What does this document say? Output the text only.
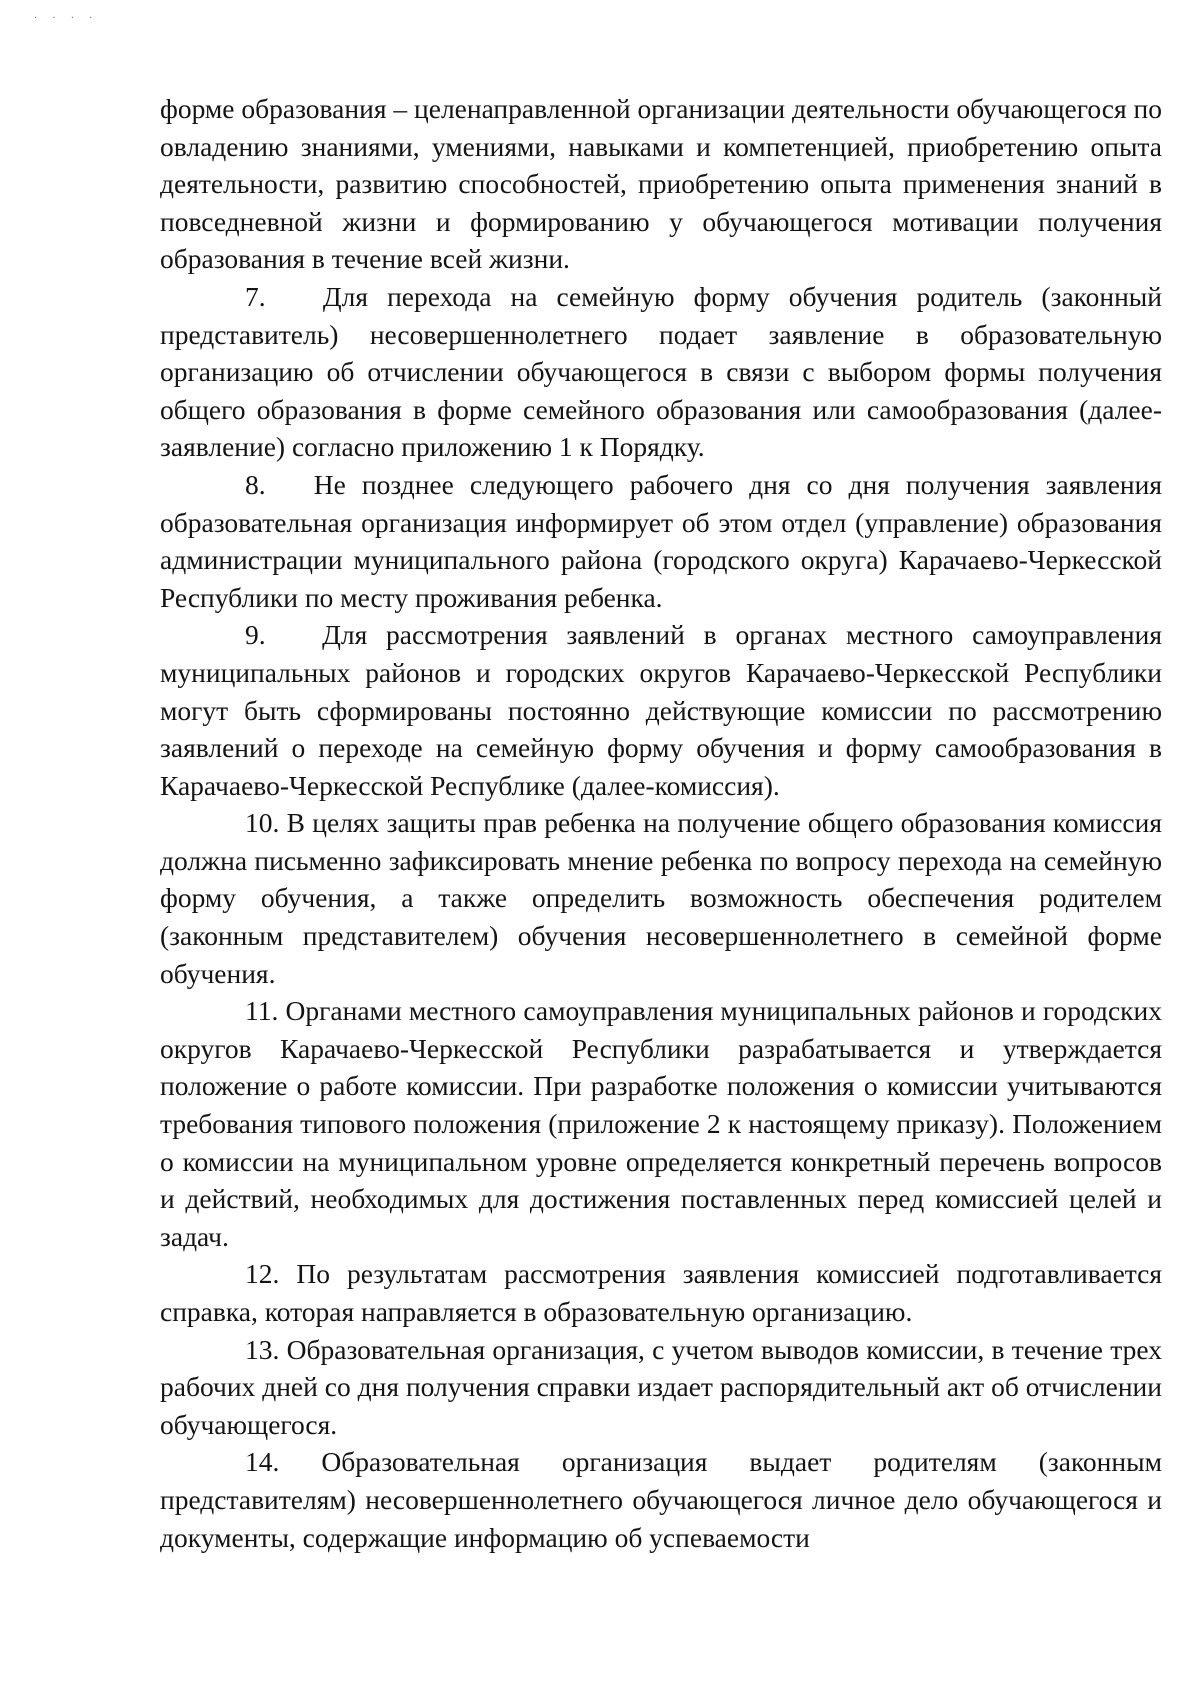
. . . .

форме образования – целенаправленной организации деятельности обучающегося по овладению знаниями, умениями, навыками и компетенцией, приобретению опыта деятельности, развитию способностей, приобретению опыта применения знаний в повседневной жизни и формированию у обучающегося мотивации получения образования в течение всей жизни.

7. Для перехода на семейную форму обучения родитель (законный представитель) несовершеннолетнего подает заявление в образовательную организацию об отчислении обучающегося в связи с выбором формы получения общего образования в форме семейного образования или самообразования (далее- заявление) согласно приложению 1 к Порядку.

8. Не позднее следующего рабочего дня со дня получения заявления образовательная организация информирует об этом отдел (управление) образования администрации муниципального района (городского округа) Карачаево-Черкесской Республики по месту проживания ребенка.

9. Для рассмотрения заявлений в органах местного самоуправления муниципальных районов и городских округов Карачаево-Черкесской Республики могут быть сформированы постоянно действующие комиссии по рассмотрению заявлений о переходе на семейную форму обучения и форму самообразования в Карачаево-Черкесской Республике (далее-комиссия).

10. В целях защиты прав ребенка на получение общего образования комиссия должна письменно зафиксировать мнение ребенка по вопросу перехода на семейную форму обучения, а также определить возможность обеспечения родителем (законным представителем) обучения несовершеннолетнего в семейной форме обучения.

11. Органами местного самоуправления муниципальных районов и городских округов Карачаево-Черкесской Республики разрабатывается и утверждается положение о работе комиссии. При разработке положения о комиссии учитываются требования типового положения (приложение 2 к настоящему приказу). Положением о комиссии на муниципальном уровне определяется конкретный перечень вопросов и действий, необходимых для достижения поставленных перед комиссией целей и задач.

12. По результатам рассмотрения заявления комиссией подготавливается справка, которая направляется в образовательную организацию.

13. Образовательная организация, с учетом выводов комиссии, в течение трех рабочих дней со дня получения справки издает распорядительный акт об отчислении обучающегося.

14. Образовательная организация выдает родителям (законным представителям) несовершеннолетнего обучающегося личное дело обучающегося и документы, содержащие информацию об успеваемости
